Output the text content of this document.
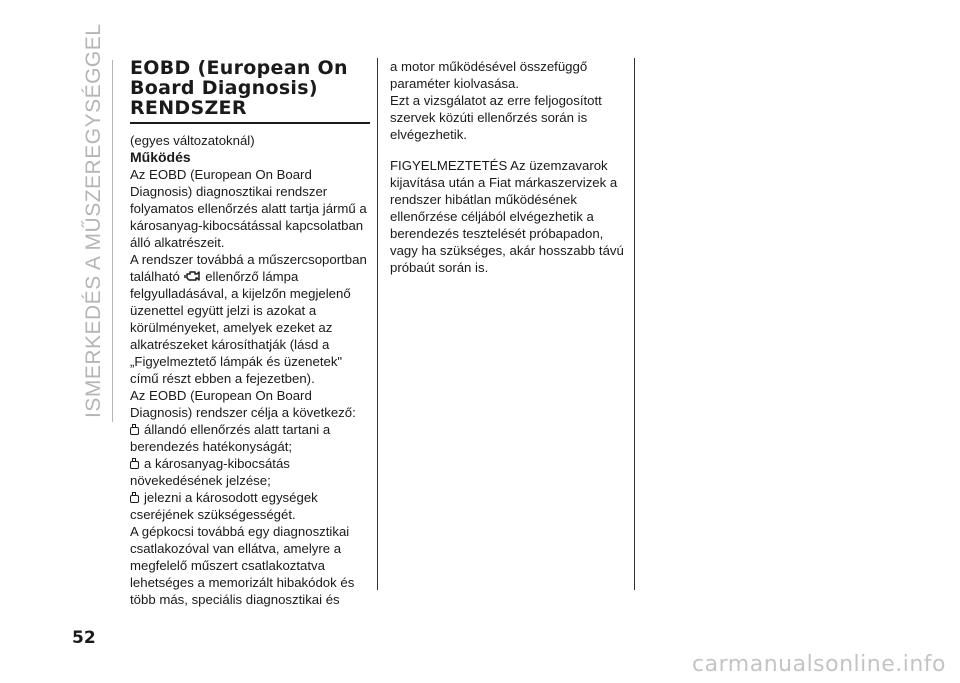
ISMERKEDÉS A MŰSZEREGYSÉGGEL
52
EOBD (European On
Board Diagnosis)
RENDSZER

(egyes változatoknál)

Működés

Az EOBD (European On Board Diagnosis) diagnosztikai rendszer folyamatos ellenőrzés alatt tartja jármű a károsanyag-kibocsátással kapcsolatban álló alkatrészeit.

A rendszer továbbá a műszercsoportban található ellenőrző lámpa felgyulladásával, a kijelzőn megjelenő üzenettel együtt jelzi is azokat a körülményeket, amelyek ezeket az alkatrészeket károsíthatják (lásd a „Figyelmeztető lámpák és üzenetek" című részt ebben a fejezetben).

Az EOBD (European On Board Diagnosis) rendszer célja a következő:

állandó ellenőrzés alatt tartani a berendezés hatékonyságát;

a károsanyag-kibocsátás növekedésének jelzése;

jelezni a károsodott egységek cseréjének szükségességét.

A gépkocsi továbbá egy diagnosztikai csatlakozóval van ellátva, amelyre a megfelelő műszert csatlakoztatva lehetséges a memorizált hibakódok és több más, speciális diagnosztikai és

a motor működésével összefüggő paraméter kiolvasása.

Ezt a vizsgálatot az erre feljogosított szervek közúti ellenőrzés során is elvégezhetik.

FIGYELMEZTETÉS Az üzemzavarok kijavítása után a Fiat márkaszervizek a rendszer hibátlan működésének ellenőrzése céljából elvégezhetik a berendezés tesztelését próbapadon, vagy ha szükséges, akár hosszabb távú próbaút során is.

carmanualsonline.info
